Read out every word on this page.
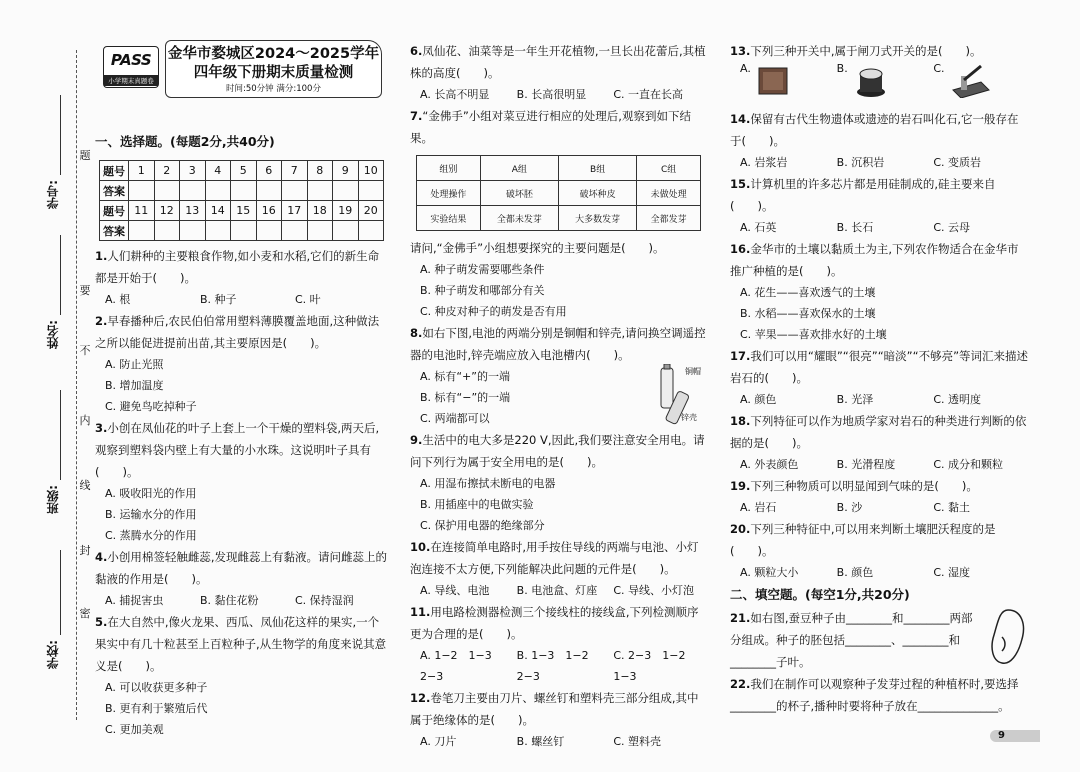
题
要
不
内
线
封
密
学号:
姓名:
班级:
学校:
PASS
小学期末真题卷
金华市婺城区2024～2025学年
四年级下册期末质量检测
时间:50分钟 满分:100分

一、选择题。(每题2分,共40分)

题号	1	2	3	4	5	6	7	8	9	10
答案										
题号	11	12	13	14	15	16	17	18	19	20
答案										

1.人们耕种的主要粮食作物,如小麦和水稻,它们的新生命都是开始于(　　)。

A. 根	B. 种子	C. 叶

2.早春播种后,农民伯伯常用塑料薄膜覆盖地面,这种做法之所以能促进提前出苗,其主要原因是(　　)。

A. 防止光照
B. 增加温度
C. 避免鸟吃掉种子

3.小创在凤仙花的叶子上套上一个干燥的塑料袋,两天后,观察到塑料袋内壁上有大量的小水珠。这说明叶子具有(　　)。

A. 吸收阳光的作用
B. 运输水分的作用
C. 蒸腾水分的作用

4.小创用棉签轻触雌蕊,发现雌蕊上有黏液。请问雌蕊上的黏液的作用是(　　)。

A. 捕捉害虫	B. 黏住花粉	C. 保持湿润

5.在大自然中,像火龙果、西瓜、凤仙花这样的果实,一个果实中有几十粒甚至上百粒种子,从生物学的角度来说其意义是(　　)。

A. 可以收获更多种子
B. 更有利于繁殖后代
C. 更加美观

6.凤仙花、油菜等是一年生开花植物,一旦长出花蕾后,其植株的高度(　　)。

A. 长高不明显	B. 长高很明显	C. 一直在长高

7.“金佛手”小组对菜豆进行相应的处理后,观察到如下结果。

组别	A组	B组	C组
处理操作	破坏胚	破坏种皮	未做处理
实验结果	全都未发芽	大多数发芽	全都发芽

请问,“金佛手”小组想要探究的主要问题是(　　)。

A. 种子萌发需要哪些条件
B. 种子萌发和哪部分有关
C. 种皮对种子的萌发是否有用

8.如右下图,电池的两端分别是铜帽和锌壳,请问换空调遥控器的电池时,锌壳端应放入电池槽内(　　)。

A. 标有“+”的一端
B. 标有“−”的一端
C. 两端都可以
铜帽
锌壳

9.生活中的电大多是220 V,因此,我们要注意安全用电。请问下列行为属于安全用电的是(　　)。

A. 用湿布擦拭未断电的电器
B. 用插座中的电做实验
C. 保护用电器的绝缘部分

10.在连接简单电路时,用手按住导线的两端与电池、小灯泡连接不太方便,下列能解决此问题的元件是(　　)。

A. 导线、电池	B. 电池盒、灯座	C. 导线、小灯泡

11.用电路检测器检测三个接线柱的接线盒,下列检测顺序更为合理的是(　　)。

A. 1−2　1−3　2−3
B. 1−3　1−2　2−3
C. 2−3　1−2　1−3

12.卷笔刀主要由刀片、螺丝钉和塑料壳三部分组成,其中属于绝缘体的是(　　)。

A. 刀片	B. 螺丝钉	C. 塑料壳

13.下列三种开关中,属于闸刀式开关的是(　　)。

A.	B.	C.

14.保留有古代生物遗体或遗迹的岩石叫化石,它一般存在于(　　)。

A. 岩浆岩	B. 沉积岩	C. 变质岩

15.计算机里的许多芯片都是用硅制成的,硅主要来自(　　)。

A. 石英	B. 长石	C. 云母

16.金华市的土壤以黏质土为主,下列农作物适合在金华市推广种植的是(　　)。

A. 花生——喜欢透气的土壤
B. 水稻——喜欢保水的土壤
C. 苹果——喜欢排水好的土壤

17.我们可以用“耀眼”“很亮”“暗淡”“不够亮”等词汇来描述岩石的(　　)。

A. 颜色	B. 光泽	C. 透明度

18.下列特征可以作为地质学家对岩石的种类进行判断的依据的是(　　)。

A. 外表颜色	B. 光滑程度	C. 成分和颗粒

19.下列三种物质可以明显闻到气味的是(　　)。

A. 岩石	B. 沙	C. 黏土

20.下列三种特征中,可以用来判断土壤肥沃程度的是(　　)。

A. 颗粒大小	B. 颜色	C. 湿度

二、填空题。(每空1分,共20分)

21.如右图,蚕豆种子由________和________两部分组成。种子的胚包括________、________和________子叶。

22.我们在制作可以观察种子发芽过程的种植杯时,要选择________的杯子,播种时要将种子放在______________。

9
